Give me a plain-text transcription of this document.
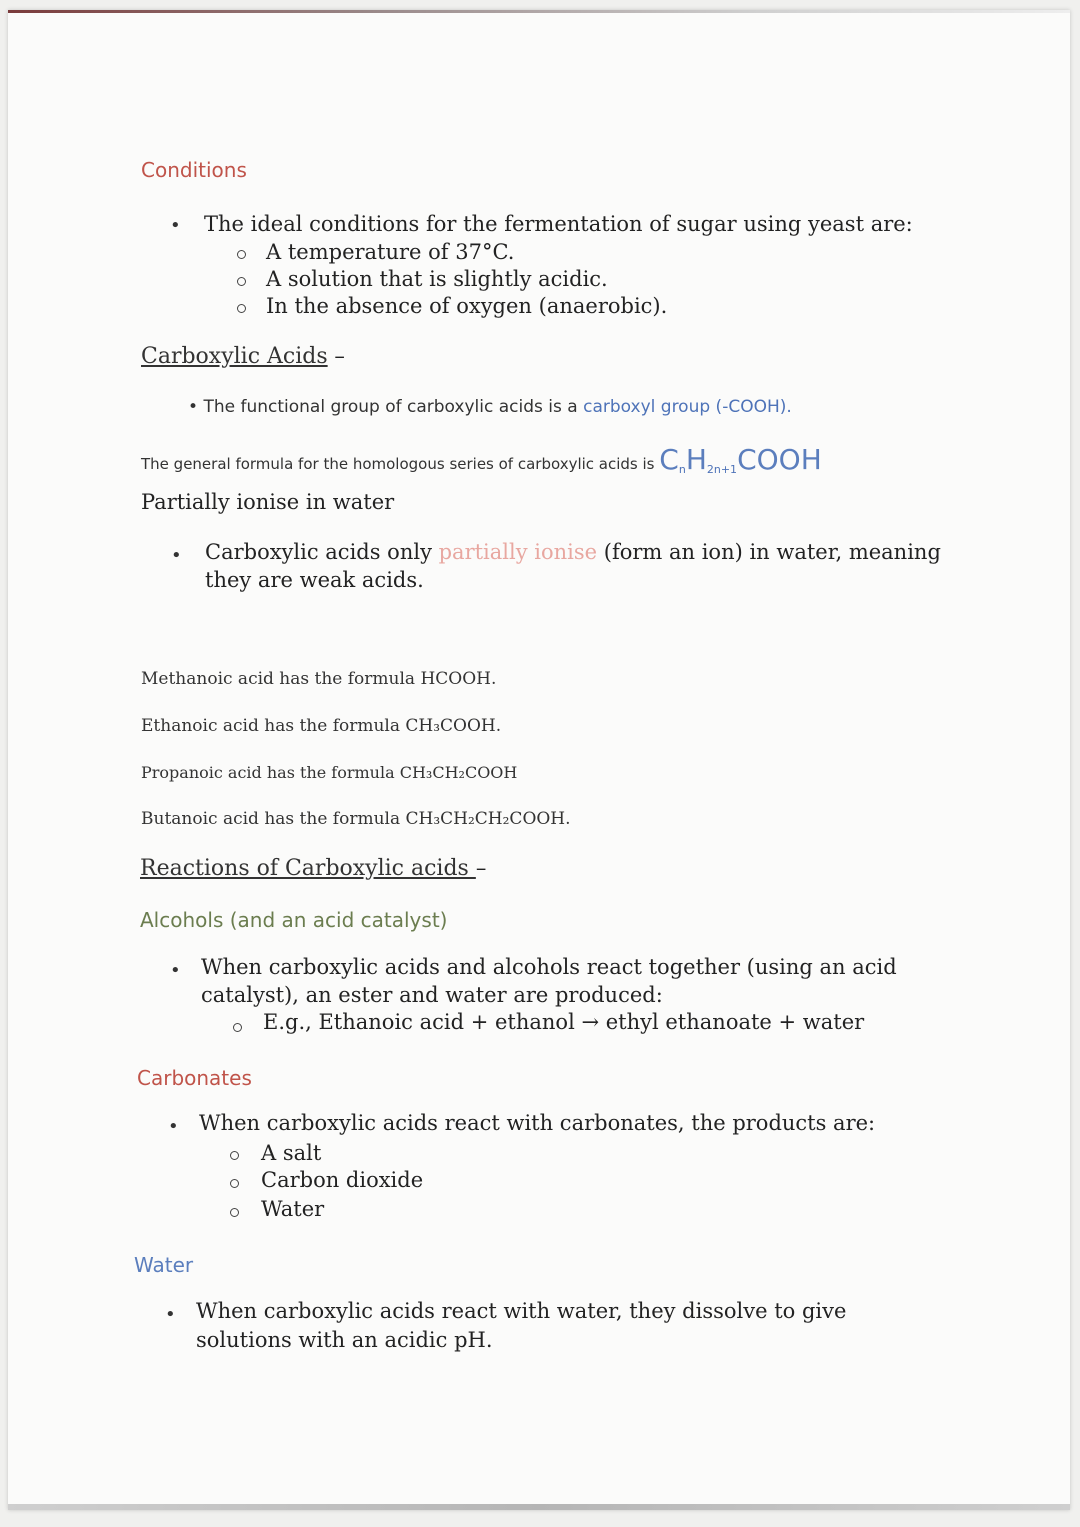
Conditions
• The ideal conditions for the fermentation of sugar using yeast are:
A temperature of 37°C.
A solution that is slightly acidic.
In the absence of oxygen (anaerobic).
Carboxylic Acids –
• The functional group of carboxylic acids is a carboxyl group (-COOH).
The general formula for the homologous series of carboxylic acids is $C_nH_{2n+1}COOH$
Partially ionise in water
• Carboxylic acids only partially ionise (form an ion) in water, meaning
they are weak acids.
Methanoic acid has the formula HCOOH.
Ethanoic acid has the formula CH₃COOH.
Propanoic acid has the formula CH₃CH₂COOH
Butanoic acid has the formula CH₃CH₂CH₂COOH.
Reactions of Carboxylic acids –
Alcohols (and an acid catalyst)
• When carboxylic acids and alcohols react together (using an acid
catalyst), an ester and water are produced:
E.g., Ethanoic acid + ethanol → ethyl ethanoate + water
Carbonates
• When carboxylic acids react with carbonates, the products are:
A salt
Carbon dioxide
Water
Water
• When carboxylic acids react with water, they dissolve to give
solutions with an acidic pH.
